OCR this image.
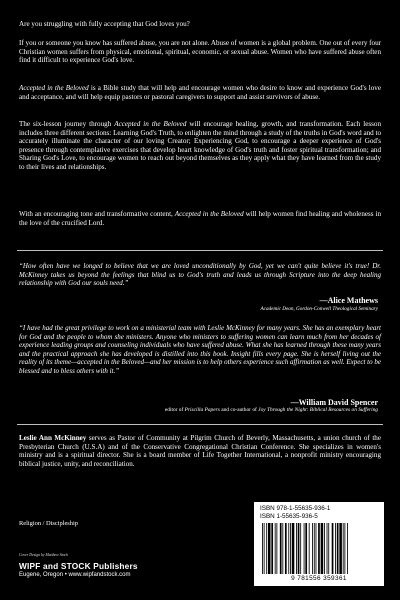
Are you struggling with fully accepting that God loves you?

If you or someone you know has suffered abuse, you are not alone. Abuse of women is a global problem. One out of every four Christian women suffers from physical, emotional, spiritual, economic, or sexual abuse. Women who have suffered abuse often find it difficult to experience God's love.

Accepted in the Beloved is a Bible study that will help and encourage women who desire to know and experience God's love and acceptance, and will help equip pastors or pastoral caregivers to support and assist survivors of abuse.

The six-lesson journey through Accepted in the Beloved will encourage healing, growth, and transformation. Each lesson includes three different sections: Learning God's Truth, to enlighten the mind through a study of the truths in God's word and to accurately illuminate the character of our loving Creator; Experiencing God, to encourage a deeper experience of God's presence through contemplative exercises that develop heart knowledge of God's truth and foster spiritual transformation; and Sharing God's Love, to encourage women to reach out beyond themselves as they apply what they have learned from the study to their lives and relationships.

With an encouraging tone and transformative content, Accepted in the Beloved will help women find healing and wholeness in the love of the crucified Lord.

“How often have we longed to believe that we are loved unconditionally by God, yet we can't quite believe it's true! Dr. McKinney takes us beyond the feelings that blind us to God's truth and leads us through Scripture into the deep healing relationship with God our souls need.”

—Alice Mathews
Academic Dean, Gordon-Conwell Theological Seminary

“I have had the great privilege to work on a ministerial team with Leslie McKinney for many years. She has an exemplary heart for God and the people to whom she ministers. Anyone who ministers to suffering women can learn much from her decades of experience leading groups and counseling individuals who have suffered abuse. What she has learned through these many years and the practical approach she has developed is distilled into this book. Insight fills every page. She is herself living out the reality of its theme—accepted in the Beloved—and her mission is to help others experience such affirmation as well. Expect to be blessed and to bless others with it.”

—William David Spencer
editor of Priscilla Papers and co-author of Joy Through the Night: Biblical Resources on Suffering

Leslie Ann McKinney serves as Pastor of Community at Pilgrim Church of Beverly, Massachusetts, a union church of the Presbyterian Church (U.S.A) and of the Conservative Congregational Christian Conference. She specializes in women's ministry and is a spiritual director. She is a board member of Life Together International, a nonprofit ministry encouraging biblical justice, unity, and reconciliation.

Religion / Discipleship
Cover Design by Matthew Stock
WIPF and STOCK Publishers
Eugene, Oregon • www.wipfandstock.com
ISBN 978-1-55635-936-1
ISBN 1-55635-936-5
9 781556 359361
